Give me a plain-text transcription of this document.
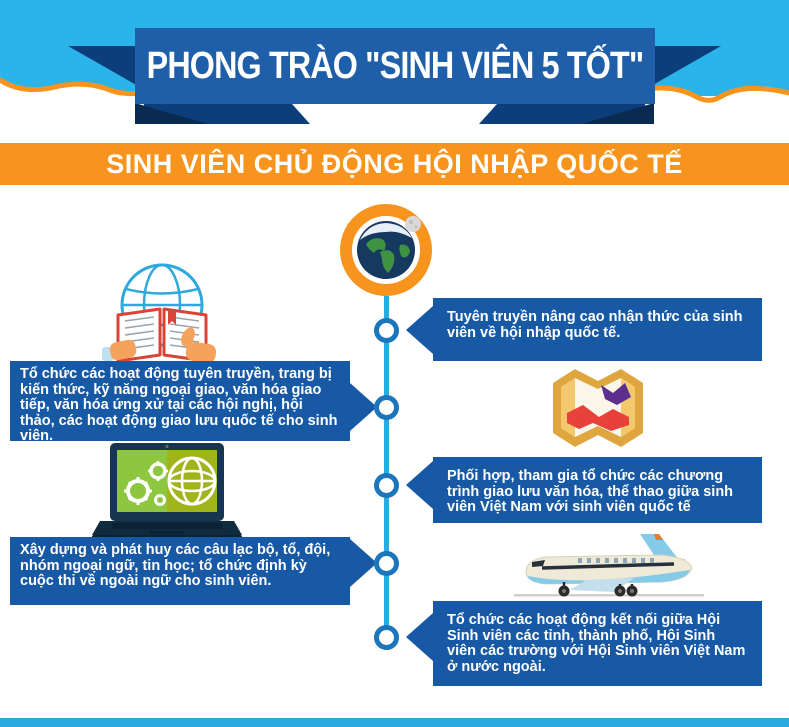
PHONG TRÀO "SINH VIÊN 5 TỐT"
SINH VIÊN CHỦ ĐỘNG HỘI NHẬP QUỐC TẾ
Tổ chức các hoạt động tuyên truyền, trang bị kiến thức, kỹ năng ngoại giao, văn hóa giao tiếp, văn hóa ứng xử tại các hội nghị, hội thảo, các hoạt động giao lưu quốc tế cho sinh viên.
Xây dựng và phát huy các câu lạc bộ, tổ, đội, nhóm ngoại ngữ, tin học; tổ chức định kỳ cuộc thi về ngoài ngữ cho sinh viên.
Tuyên truyền nâng cao nhận thức của sinh viên về hội nhập quốc tế.
Phối hợp, tham gia tổ chức các chương trình giao lưu văn hóa, thể thao giữa sinh viên Việt Nam với sinh viên quốc tế
Tổ chức các hoạt động kết nối giữa Hội Sinh viên các tỉnh, thành phố, Hội Sinh viên các trường với Hội Sinh viên Việt Nam ở nước ngoài.
